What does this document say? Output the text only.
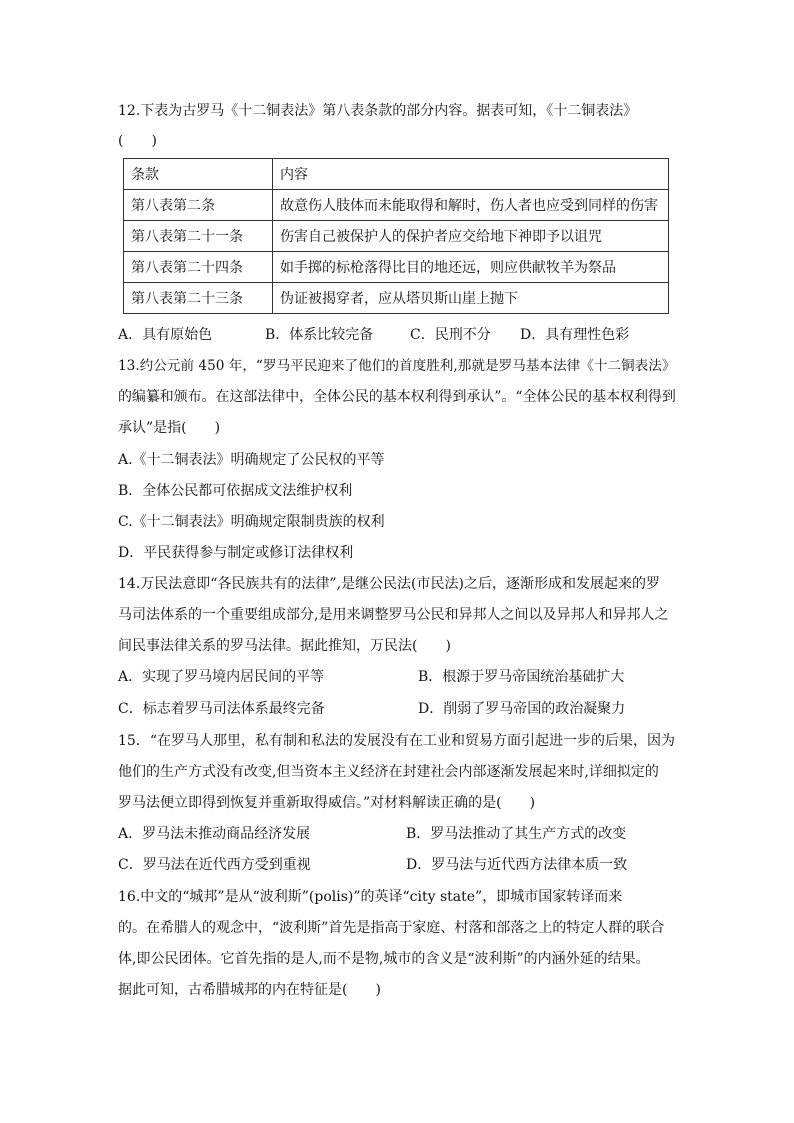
12.下表为古罗马《十二铜表法》第八表条款的部分内容。据表可知，《十二铜表法》
(　　)
条款	内容
第八表第二条	故意伤人肢体而未能取得和解时，伤人者也应受到同样的伤害
第八表第二十一条	伤害自己被保护人的保护者应交给地下神即予以诅咒
第八表第二十四条	如手掷的标枪落得比目的地还远，则应供献牧羊为祭品
第八表第二十三条	伪证被揭穿者，应从塔贝斯山崖上抛下
A．具有原始色	B．体系比较完备	C．民刑不分 D．具有理性色彩
13.约公元前 450 年，“罗马平民迎来了他们的首度胜利,那就是罗马基本法律《十二铜表法》
的编纂和颁布。在这部法律中，全体公民的基本权利得到承认”。“全体公民的基本权利得到
承认”是指(　　)
A.《十二铜表法》明确规定了公民权的平等
B．全体公民都可依据成文法维护权利
C.《十二铜表法》明确规定限制贵族的权利
D．平民获得参与制定或修订法律权利
14.万民法意即“各民族共有的法律”,是继公民法(市民法)之后，逐渐形成和发展起来的罗
马司法体系的一个重要组成部分,是用来调整罗马公民和异邦人之间以及异邦人和异邦人之
间民事法律关系的罗马法律。据此推知，万民法(　　)
A．实现了罗马境内居民间的平等	B．根源于罗马帝国统治基础扩大
C．标志着罗马司法体系最终完备	D．削弱了罗马帝国的政治凝聚力
15．“在罗马人那里，私有制和私法的发展没有在工业和贸易方面引起进一步的后果，因为
他们的生产方式没有改变,但当资本主义经济在封建社会内部逐渐发展起来时,详细拟定的
罗马法便立即得到恢复并重新取得威信。”对材料解读正确的是(　　)
A．罗马法未推动商品经济发展	B．罗马法推动了其生产方式的改变
C．罗马法在近代西方受到重视	D．罗马法与近代西方法律本质一致
16.中文的“城邦”是从“波利斯”(polis)”的英译“city state”，即城市国家转译而来
的。在希腊人的观念中，“波利斯”首先是指高于家庭、村落和部落之上的特定人群的联合
体,即公民团体。它首先指的是人,而不是物,城市的含义是“波利斯”的内涵外延的结果。
据此可知，古希腊城邦的内在特征是(　　)
